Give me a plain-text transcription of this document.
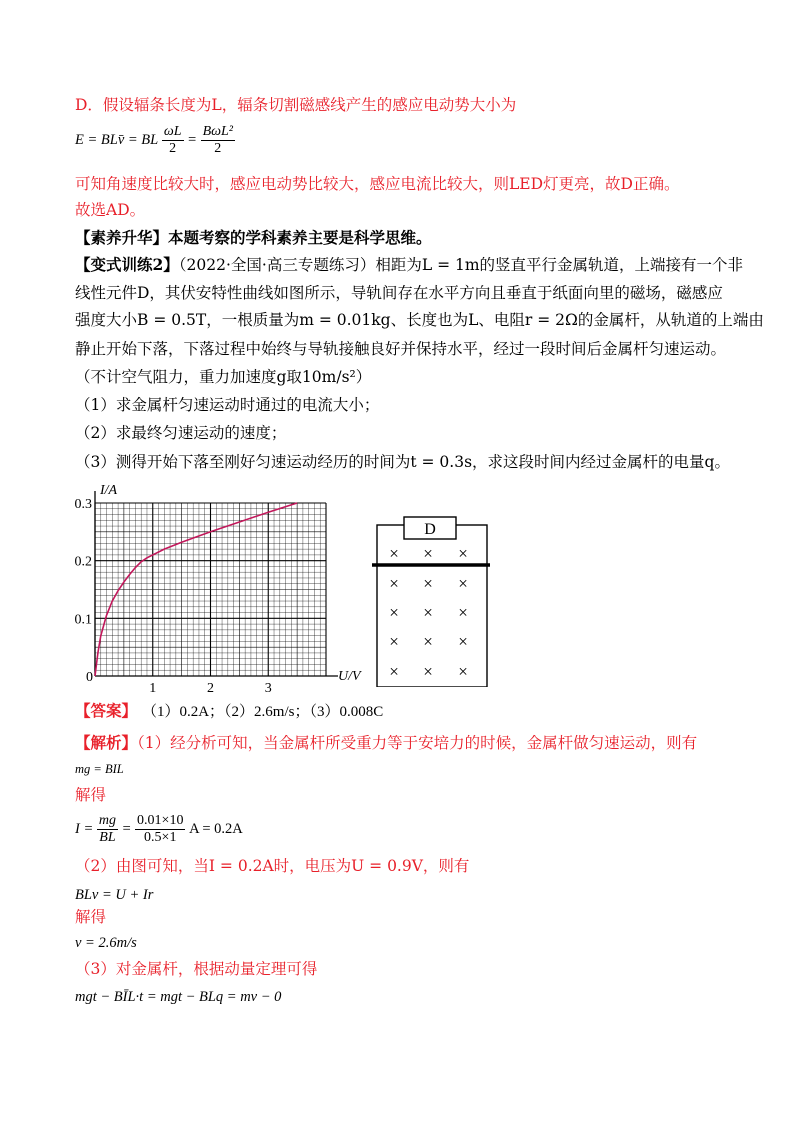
D．假设辐条长度为L，辐条切割磁感线产生的感应电动势大小为
E = BLv̄ = BL $\frac{\omega L}{2} = \frac{\text{BωL²}}{2}$
可知角速度比较大时，感应电动势比较大，感应电流比较大，则LED灯更亮，故D正确。
故选AD。
【素养升华】本题考察的学科素养主要是科学思维。
【变式训练2】（2022·全国·高三专题练习）相距为L = 1m的竖直平行金属轨道，上端接有一个非
线性元件D，其伏安特性曲线如图所示，导轨间存在水平方向且垂直于纸面向里的磁场，磁感应
强度大小B = 0.5T，一根质量为m = 0.01kg、长度也为L、电阻r = 2Ω的金属杆，从轨道的上端由
静止开始下落，下落过程中始终与导轨接触良好并保持水平，经过一段时间后金属杆匀速运动。
（不计空气阻力，重力加速度g取10m/s²）
（1）求金属杆匀速运动时通过的电流大小；
（2）求最终匀速运动的速度；
（3）测得开始下落至刚好匀速运动经历的时间为t = 0.3s，求这段时间内经过金属杆的电量q。
I/A
U/V
0
1	2	3
0.1
0.2
0.3
D
× × ×
× × ×
× × ×
× × ×
× × ×
【答案】 （1）0.2A；（2）2.6m/s；（3）0.008C
【解析】（1）经分析可知，当金属杆所受重力等于安培力的时候，金属杆做匀速运动，则有
mg = BIL
解得
$I = \frac{mg}{BL} = \frac{0.01\times 10}{0.5\times 1}$ A = 0.2A
（2）由图可知，当I = 0.2A时，电压为U = 0.9V，则有
BLv = U + Ir
解得
v = 2.6m/s
（3）对金属杆，根据动量定理可得
mgt − BĪL·t = mgt − BLq = mv − 0
